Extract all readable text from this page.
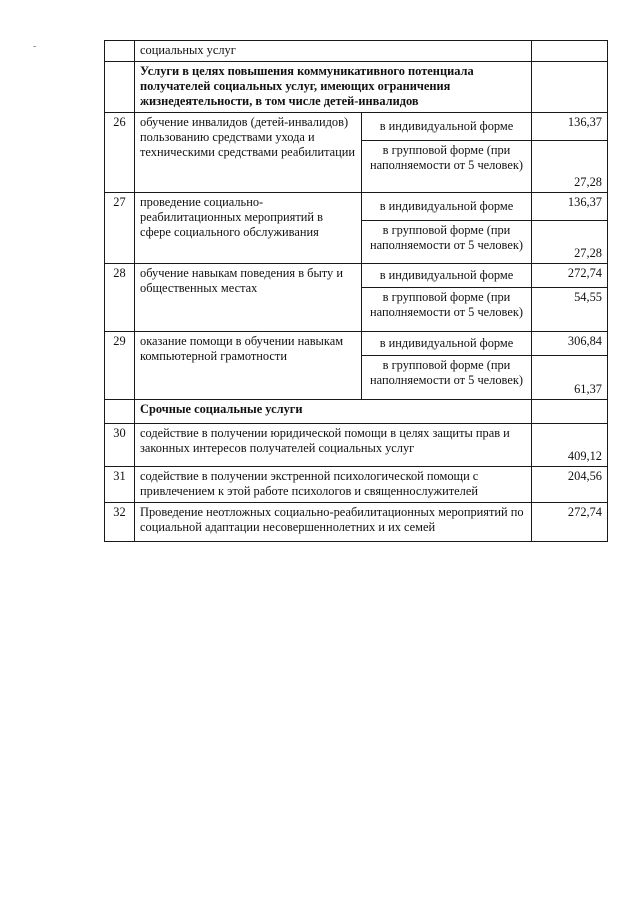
-
		социальных услуг		
	Услуги в целях повышения коммуникативного потенциала получателей социальных услуг, имеющих ограничения жизнедеятельности, в том числе детей-инвалидов		
26	обучение инвалидов (детей-инвалидов) пользованию средствами ухода и техническими средствами реабилитации	в индивидуальной форме	136,37
		в групповой форме (при наполняемости от 5 человек)	27,28
27	проведение социально-реабилитационных мероприятий в сфере социального обслуживания	в индивидуальной форме	136,37
		в групповой форме (при наполняемости от 5 человек)	27,28
28	обучение навыкам поведения в быту и общественных местах	в индивидуальной форме	272,74
		в групповой форме (при наполняемости от 5 человек)	54,55
29	оказание помощи в обучении навыкам компьютерной грамотности	в индивидуальной форме	306,84
		в групповой форме (при наполняемости от 5 человек)	61,37
	Срочные социальные услуги		
30	содействие в получении юридической помощи в целях защиты прав и законных интересов получателей социальных услуг		409,12
31	содействие в получении экстренной психологической помощи с привлечением к этой работе психологов и священнослужителей		204,56
32	Проведение неотложных социально-реабилитационных мероприятий по социальной адаптации несовершеннолетних и их семей		272,74
